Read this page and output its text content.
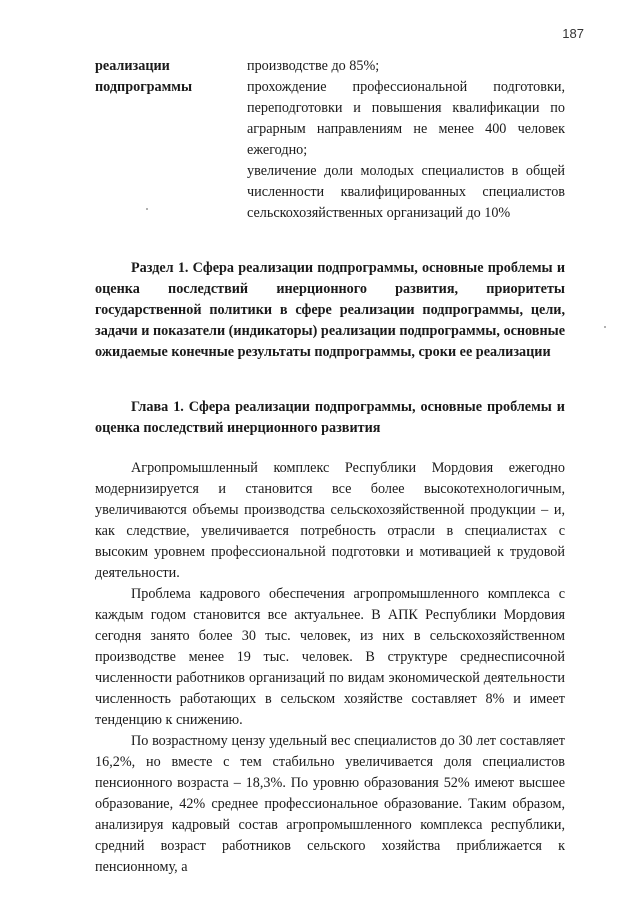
187
реализации
подпрограммы

производстве до 85%;

прохождение профессиональной подготовки, переподготовки и повышения квалификации по аграрным направлениям не менее 400 человек ежегодно;

увеличение доли молодых специалистов в общей численности квалифицированных специалистов сельскохозяйственных организаций до 10%

Раздел 1. Сфера реализации подпрограммы, основные проблемы и оценка последствий инерционного развития, приоритеты государственной политики в сфере реализации подпрограммы, цели, задачи и показатели (индикаторы) реализации подпрограммы, основные ожидаемые конечные результаты подпрограммы, сроки ее реализации

Глава 1. Сфера реализации подпрограммы, основные проблемы и оценка последствий инерционного развития

Агропромышленный комплекс Республики Мордовия ежегодно модернизируется и становится все более высокотехнологичным, увеличиваются объемы производства сельскохозяйственной продукции – и, как следствие, увеличивается потребность отрасли в специалистах с высоким уровнем профессиональной подготовки и мотивацией к трудовой деятельности.

Проблема кадрового обеспечения агропромышленного комплекса с каждым годом становится все актуальнее. В АПК Республики Мордовия сегодня занято более 30 тыс. человек, из них в сельскохозяйственном производстве менее 19 тыс. человек. В структуре среднесписочной численности работников организаций по видам экономической деятельности численность работающих в сельском хозяйстве составляет 8% и имеет тенденцию к снижению.

По возрастному цензу удельный вес специалистов до 30 лет составляет 16,2%, но вместе с тем стабильно увеличивается доля специалистов пенсионного возраста – 18,3%. По уровню образования 52% имеют высшее образование, 42% среднее профессиональное образование. Таким образом, анализируя кадровый состав агропромышленного комплекса республики, средний возраст работников сельского хозяйства приближается к пенсионному, а
